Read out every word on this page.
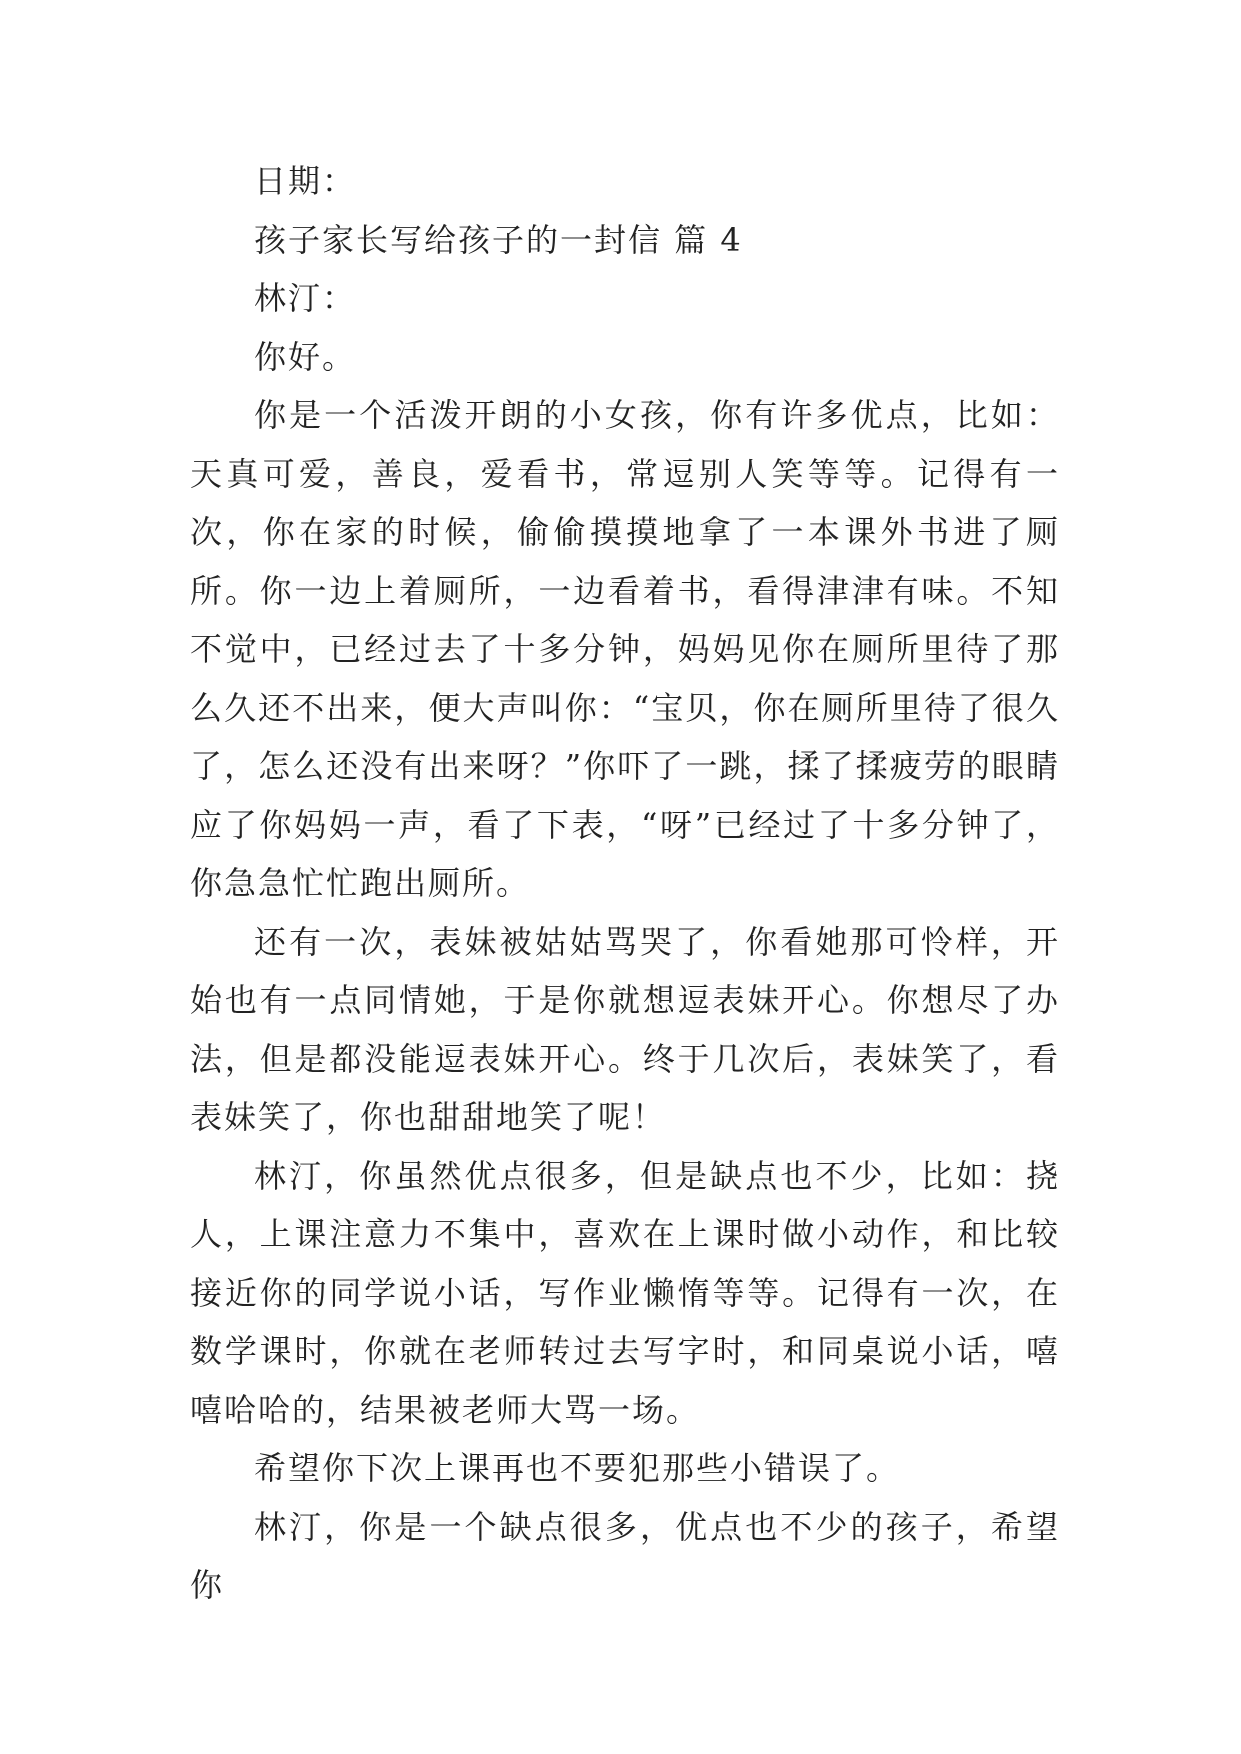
日期：

孩子家长写给孩子的一封信 篇 4

林汀：

你好。

你是一个活泼开朗的小女孩，你有许多优点，比如：天真可爱，善良，爱看书，常逗别人笑等等。记得有一次，你在家的时候，偷偷摸摸地拿了一本课外书进了厕所。你一边上着厕所，一边看着书，看得津津有味。不知不觉中，已经过去了十多分钟，妈妈见你在厕所里待了那么久还不出来，便大声叫你：“宝贝，你在厕所里待了很久了，怎么还没有出来呀？”你吓了一跳，揉了揉疲劳的眼睛应了你妈妈一声，看了下表，“呀”已经过了十多分钟了，你急急忙忙跑出厕所。

还有一次，表妹被姑姑骂哭了，你看她那可怜样，开始也有一点同情她，于是你就想逗表妹开心。你想尽了办法，但是都没能逗表妹开心。终于几次后，表妹笑了，看表妹笑了，你也甜甜地笑了呢！

林汀，你虽然优点很多，但是缺点也不少，比如：挠人，上课注意力不集中，喜欢在上课时做小动作，和比较接近你的同学说小话，写作业懒惰等等。记得有一次，在数学课时，你就在老师转过去写字时，和同桌说小话，嘻嘻哈哈的，结果被老师大骂一场。

希望你下次上课再也不要犯那些小错误了。

林汀，你是一个缺点很多，优点也不少的孩子，希望你
